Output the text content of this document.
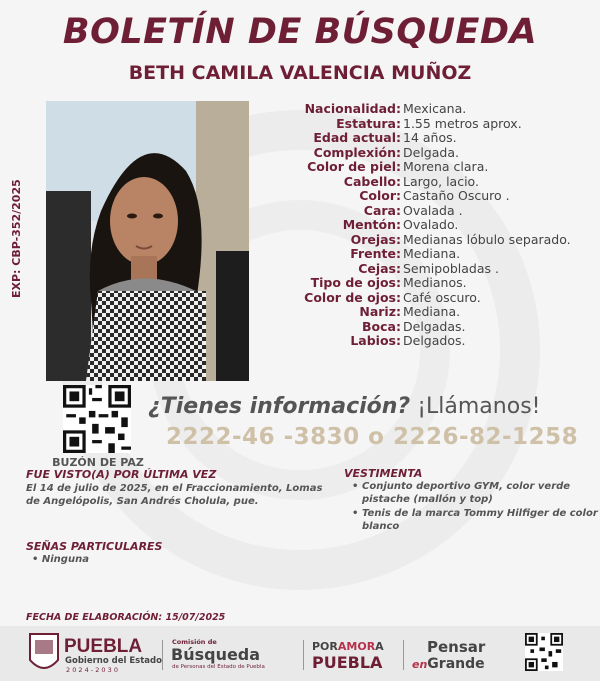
BOLETÍN DE BÚSQUEDA
BETH CAMILA VALENCIA MUÑOZ
EXP: CBP-352/2025
Nacionalidad: Mexicana.
Estatura: 1.55 metros aprox.
Edad actual: 14 años.
Complexión: Delgada.
Color de piel: Morena clara.
Cabello: Largo, lacio.
Color: Castaño Oscuro .
Cara: Ovalada .
Mentón: Ovalado.
Orejas: Medianas lóbulo separado.
Frente: Mediana.
Cejas: Semipobladas .
Tipo de ojos: Medianos.
Color de ojos: Café oscuro.
Nariz: Mediana.
Boca: Delgadas.
Labios: Delgados.
BUZÓN DE PAZ
¿Tienes información? ¡Llámanos!
2222-46 -3830 o 2226-82-1258
FUE VISTO(A) POR ÚLTIMA VEZ
El 14 de julio de 2025, en el Fraccionamiento, Lomas de Angelópolis, San Andrés Cholula, pue.
VESTIMENTA
• Conjunto deportivo GYM, color verde pistache (mallón y top)
• Tenis de la marca Tommy Hilfiger de color blanco
SEÑAS PARTICULARES
• Ninguna
FECHA DE ELABORACIÓN: 15/07/2025
PUEBLA
Gobierno del Estado
2 0 2 4 - 2 0 3 0
Comisión de
Búsqueda
de Personas del Estado de Puebla
PORAMORA
PUEBLA
Pensar
enGrande
